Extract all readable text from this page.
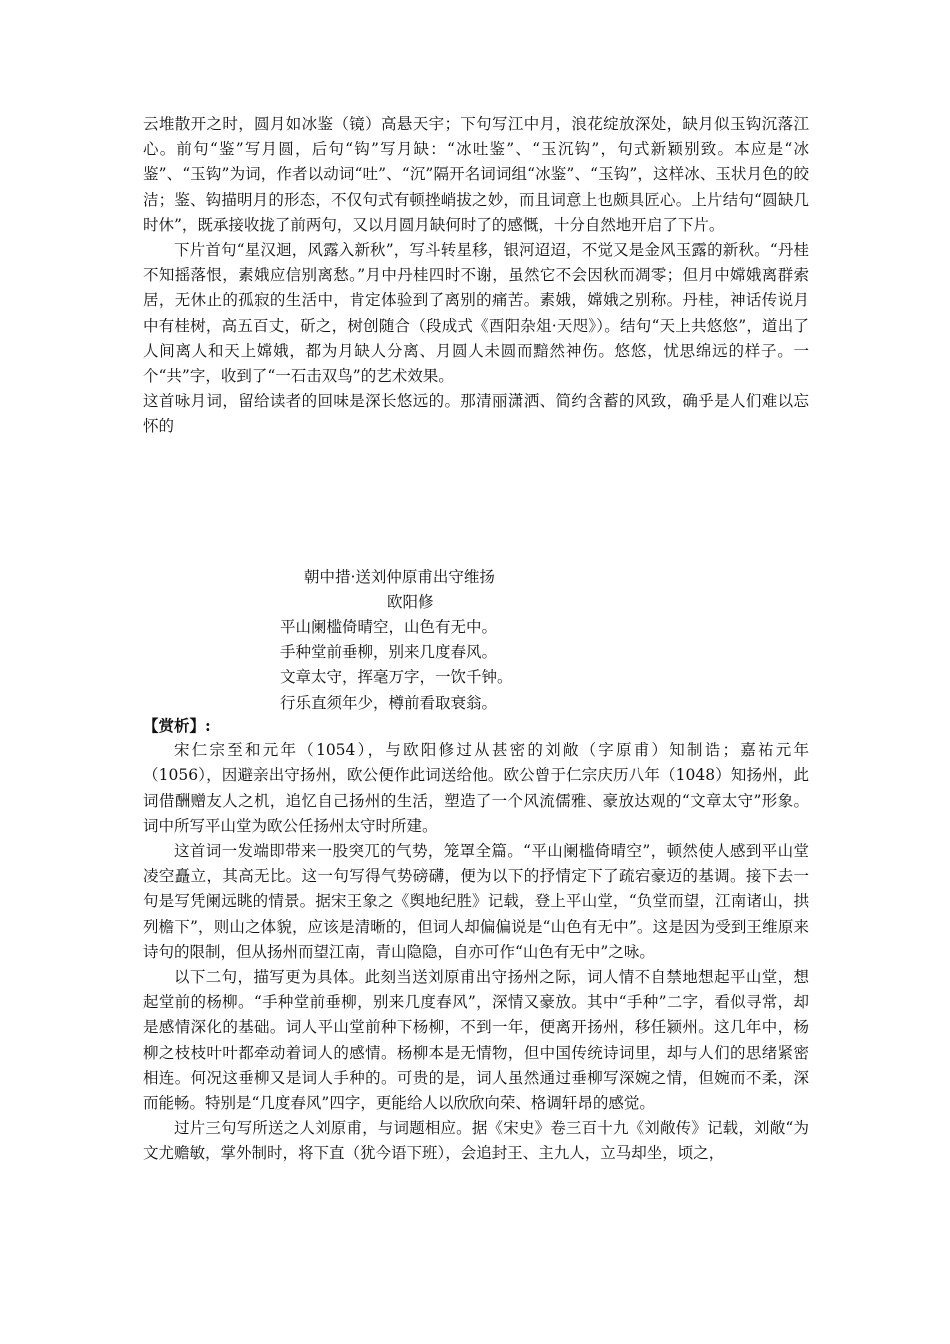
云堆散开之时，圆月如冰鉴（镜）高悬天宇；下句写江中月，浪花绽放深处，缺月似玉钩沉落江心。前句“鉴”写月圆，后句“钩”写月缺：“冰吐鉴”、“玉沉钩”，句式新颖别致。本应是“冰鉴”、“玉钩”为词，作者以动词“吐”、“沉”隔开名词词组“冰鉴”、“玉钩”，这样冰、玉状月色的皎洁；鉴、钩描明月的形态，不仅句式有顿挫峭拔之妙，而且词意上也颇具匠心。上片结句“圆缺几时休”，既承接收拢了前两句，又以月圆月缺何时了的感慨，十分自然地开启了下片。

下片首句“星汉迴，风露入新秋”，写斗转星移，银河迢迢，不觉又是金风玉露的新秋。“丹桂不知摇落恨，素娥应信别离愁。”月中丹桂四时不谢，虽然它不会因秋而凋零；但月中嫦娥离群索居，无休止的孤寂的生活中，肯定体验到了离别的痛苦。素娥，嫦娥之别称。丹桂，神话传说月中有桂树，高五百丈，斫之，树创随合（段成式《酉阳杂俎·天咫》）。结句“天上共悠悠”，道出了人间离人和天上嫦娥，都为月缺人分离、月圆人未圆而黯然神伤。悠悠，忧思绵远的样子。一个“共”字，收到了“一石击双鸟”的艺术效果。

这首咏月词，留给读者的回味是深长悠远的。那清丽潇洒、简约含蓄的风致，确乎是人们难以忘怀的

朝中措·送刘仲原甫出守维扬
欧阳修
平山阑槛倚晴空，山色有无中。
手种堂前垂柳，别来几度春风。
文章太守，挥毫万字，一饮千钟。
行乐直须年少，樽前看取衰翁。

【赏析】:

宋仁宗至和元年（1054），与欧阳修过从甚密的刘敞（字原甫）知制诰；嘉祐元年（1056），因避亲出守扬州，欧公便作此词送给他。欧公曾于仁宗庆历八年（1048）知扬州，此词借酬赠友人之机，追忆自己扬州的生活，塑造了一个风流儒雅、豪放达观的“文章太守”形象。词中所写平山堂为欧公任扬州太守时所建。

这首词一发端即带来一股突兀的气势，笼罩全篇。“平山阑槛倚晴空”，顿然使人感到平山堂凌空矗立，其高无比。这一句写得气势磅礴，便为以下的抒情定下了疏宕豪迈的基调。接下去一句是写凭阑远眺的情景。据宋王象之《舆地纪胜》记载，登上平山堂，“负堂而望，江南诸山，拱列檐下”，则山之体貌，应该是清晰的，但词人却偏偏说是“山色有无中”。这是因为受到王维原来诗句的限制，但从扬州而望江南，青山隐隐，自亦可作“山色有无中”之咏。

以下二句，描写更为具体。此刻当送刘原甫出守扬州之际，词人情不自禁地想起平山堂，想起堂前的杨柳。“手种堂前垂柳，别来几度春风”，深情又豪放。其中“手种”二字，看似寻常，却是感情深化的基础。词人平山堂前种下杨柳，不到一年，便离开扬州，移任颍州。这几年中，杨柳之枝枝叶叶都牵动着词人的感情。杨柳本是无情物，但中国传统诗词里，却与人们的思绪紧密相连。何况这垂柳又是词人手种的。可贵的是，词人虽然通过垂柳写深婉之情，但婉而不柔，深而能畅。特别是“几度春风”四字，更能给人以欣欣向荣、格调轩昂的感觉。

过片三句写所送之人刘原甫，与词题相应。据《宋史》卷三百十九《刘敞传》记载，刘敞“为文尤赡敏，掌外制时，将下直（犹今语下班），会追封王、主九人，立马却坐，顷之，
